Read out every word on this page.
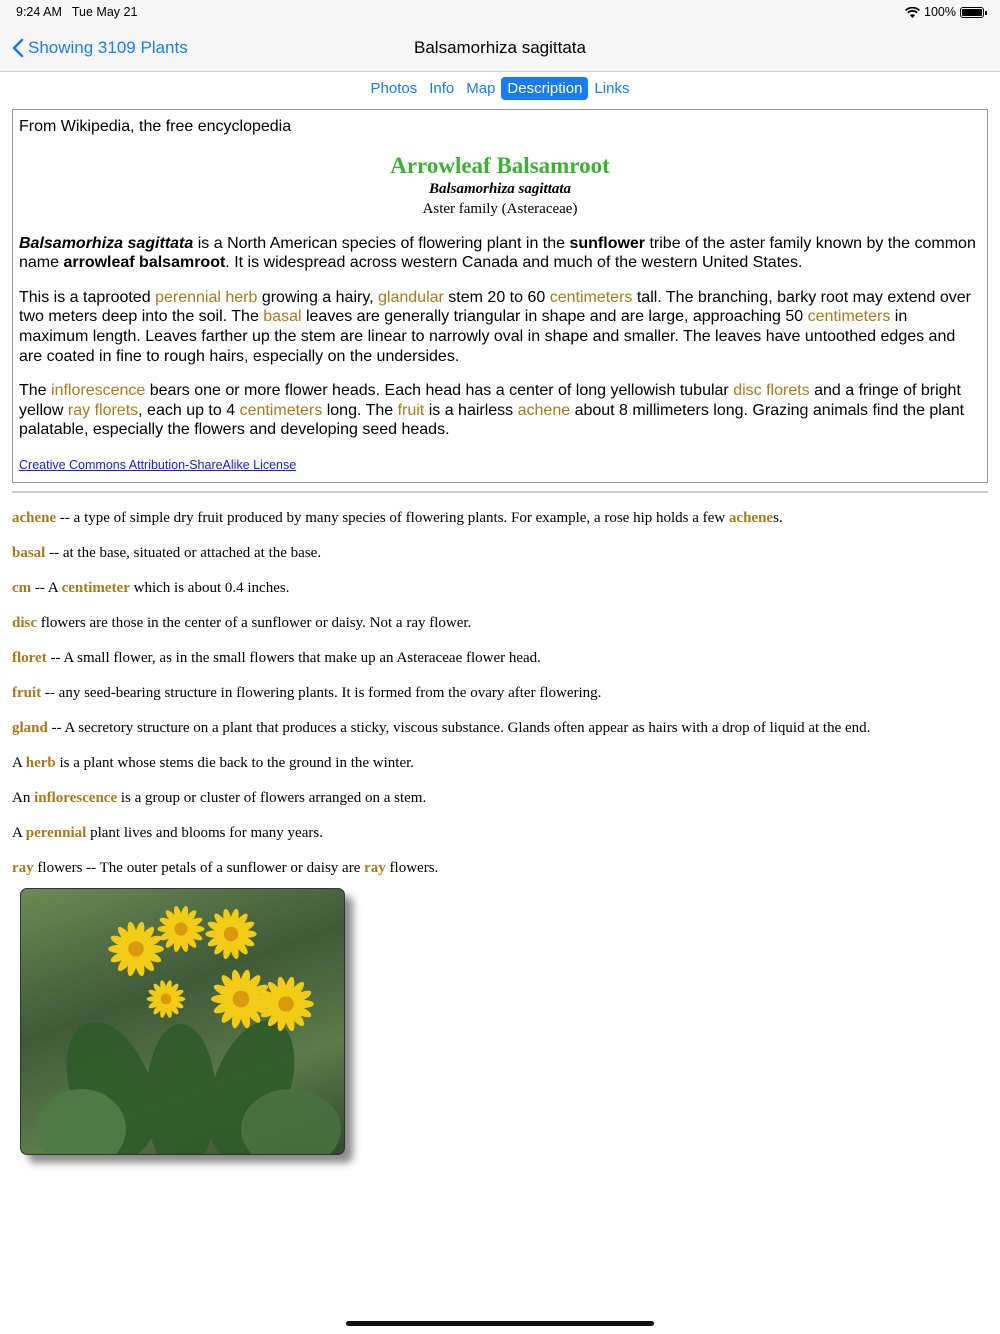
9:24 AM Tue May 21	100%
Showing 3109 Plants	Balsamorhiza sagittata
Photos Info Map Description Links
From Wikipedia, the free encyclopedia
Arrowleaf Balsamroot
Balsamorhiza sagittata
Aster family (Asteraceae)

Balsamorhiza sagittata is a North American species of flowering plant in the sunflower tribe of the aster family known by the common name arrowleaf balsamroot. It is widespread across western Canada and much of the western United States.

This is a taprooted perennial herb growing a hairy, glandular stem 20 to 60 centimeters tall. The branching, barky root may extend over two meters deep into the soil. The basal leaves are generally triangular in shape and are large, approaching 50 centimeters in maximum length. Leaves farther up the stem are linear to narrowly oval in shape and smaller. The leaves have untoothed edges and are coated in fine to rough hairs, especially on the undersides.

The inflorescence bears one or more flower heads. Each head has a center of long yellowish tubular disc florets and a fringe of bright yellow ray florets, each up to 4 centimeters long. The fruit is a hairless achene about 8 millimeters long. Grazing animals find the plant palatable, especially the flowers and developing seed heads.

Creative Commons Attribution-ShareAlike License
achene -- a type of simple dry fruit produced by many species of flowering plants. For example, a rose hip holds a few achenes.
basal -- at the base, situated or attached at the base.
cm -- A centimeter which is about 0.4 inches.
disc flowers are those in the center of a sunflower or daisy. Not a ray flower.
floret -- A small flower, as in the small flowers that make up an Asteraceae flower head.
fruit -- any seed-bearing structure in flowering plants. It is formed from the ovary after flowering.
gland -- A secretory structure on a plant that produces a sticky, viscous substance. Glands often appear as hairs with a drop of liquid at the end.
A herb is a plant whose stems die back to the ground in the winter.
An inflorescence is a group or cluster of flowers arranged on a stem.
A perennial plant lives and blooms for many years.
ray flowers -- The outer petals of a sunflower or daisy are ray flowers.
